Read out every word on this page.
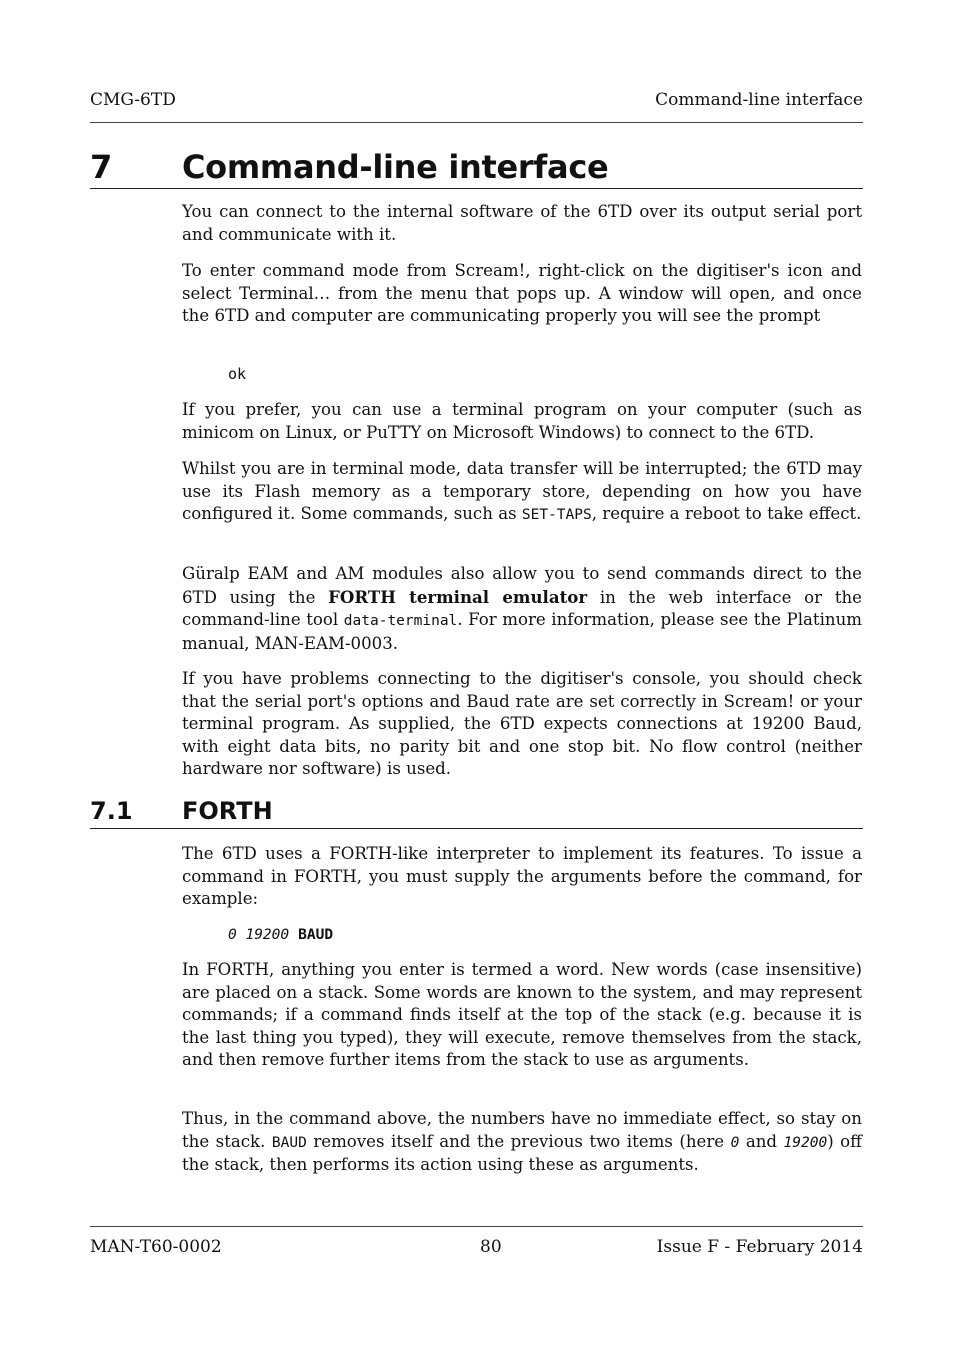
CMG-6TD	Command-line interface
7 Command-line interface

You can connect to the internal software of the 6TD over its output serial port and communicate with it.

To enter command mode from Scream!, right-click on the digitiser's icon and select Terminal… from the menu that pops up. A window will open, and once the 6TD and computer are communicating properly you will see the prompt

ok

If you prefer, you can use a terminal program on your computer (such as minicom on Linux, or PuTTY on Microsoft Windows) to connect to the 6TD.

Whilst you are in terminal mode, data transfer will be interrupted; the 6TD may use its Flash memory as a temporary store, depending on how you have configured it. Some commands, such as SET-TAPS, require a reboot to take effect.

Güralp EAM and AM modules also allow you to send commands direct to the 6TD using the FORTH terminal emulator in the web interface or the command-line tool data-terminal. For more information, please see the Platinum manual, MAN-EAM-0003.

If you have problems connecting to the digitiser's console, you should check that the serial port's options and Baud rate are set correctly in Scream! or your terminal program. As supplied, the 6TD expects connections at 19200 Baud, with eight data bits, no parity bit and one stop bit. No flow control (neither hardware nor software) is used.

7.1 FORTH

The 6TD uses a FORTH-like interpreter to implement its features. To issue a command in FORTH, you must supply the arguments before the command, for example:

0 19200 BAUD

In FORTH, anything you enter is termed a word. New words (case insensitive) are placed on a stack. Some words are known to the system, and may represent commands; if a command finds itself at the top of the stack (e.g. because it is the last thing you typed), they will execute, remove themselves from the stack, and then remove further items from the stack to use as arguments.

Thus, in the command above, the numbers have no immediate effect, so stay on the stack. BAUD removes itself and the previous two items (here 0 and 19200) off the stack, then performs its action using these as arguments.

MAN-T60-0002	80	Issue F - February 2014
